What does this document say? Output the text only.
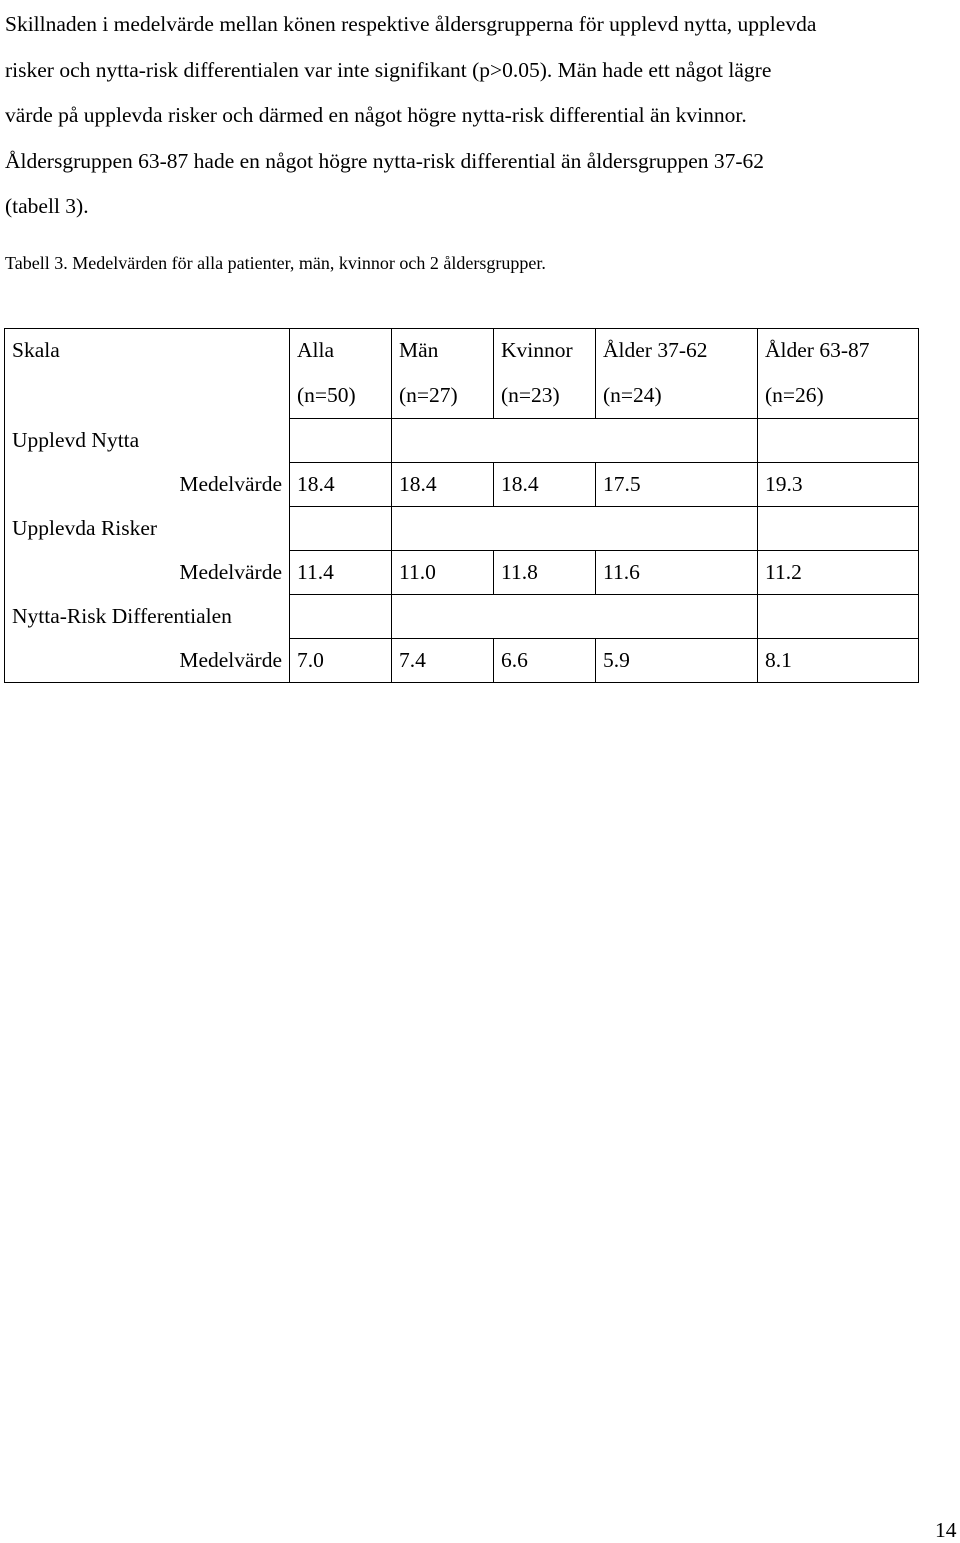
Skillnaden i medelvärde mellan könen respektive åldersgrupperna för upplevd nytta, upplevda
risker och nytta-risk differentialen var inte signifikant (p>0.05). Män hade ett något lägre
värde på upplevda risker och därmed en något högre nytta-risk differential än kvinnor.
Åldersgruppen 63-87 hade en något högre nytta-risk differential än åldersgruppen 37-62
(tabell 3).

Tabell 3. Medelvärden för alla patienter, män, kvinnor och 2 åldersgrupper.

Skala		Alla	Män	Kvinnor	Ålder 37-62	Ålder 63-87
		(n=50)	(n=27)	(n=23)	(n=24)	(n=26)
Upplevd Nytta						
	Medelvärde	18.4	18.4	18.4	17.5	19.3
Upplevda Risker						
	Medelvärde	11.4	11.0	11.8	11.6	11.2
Nytta-Risk Differentialen						
	Medelvärde	7.0	7.4	6.6	5.9	8.1

14
